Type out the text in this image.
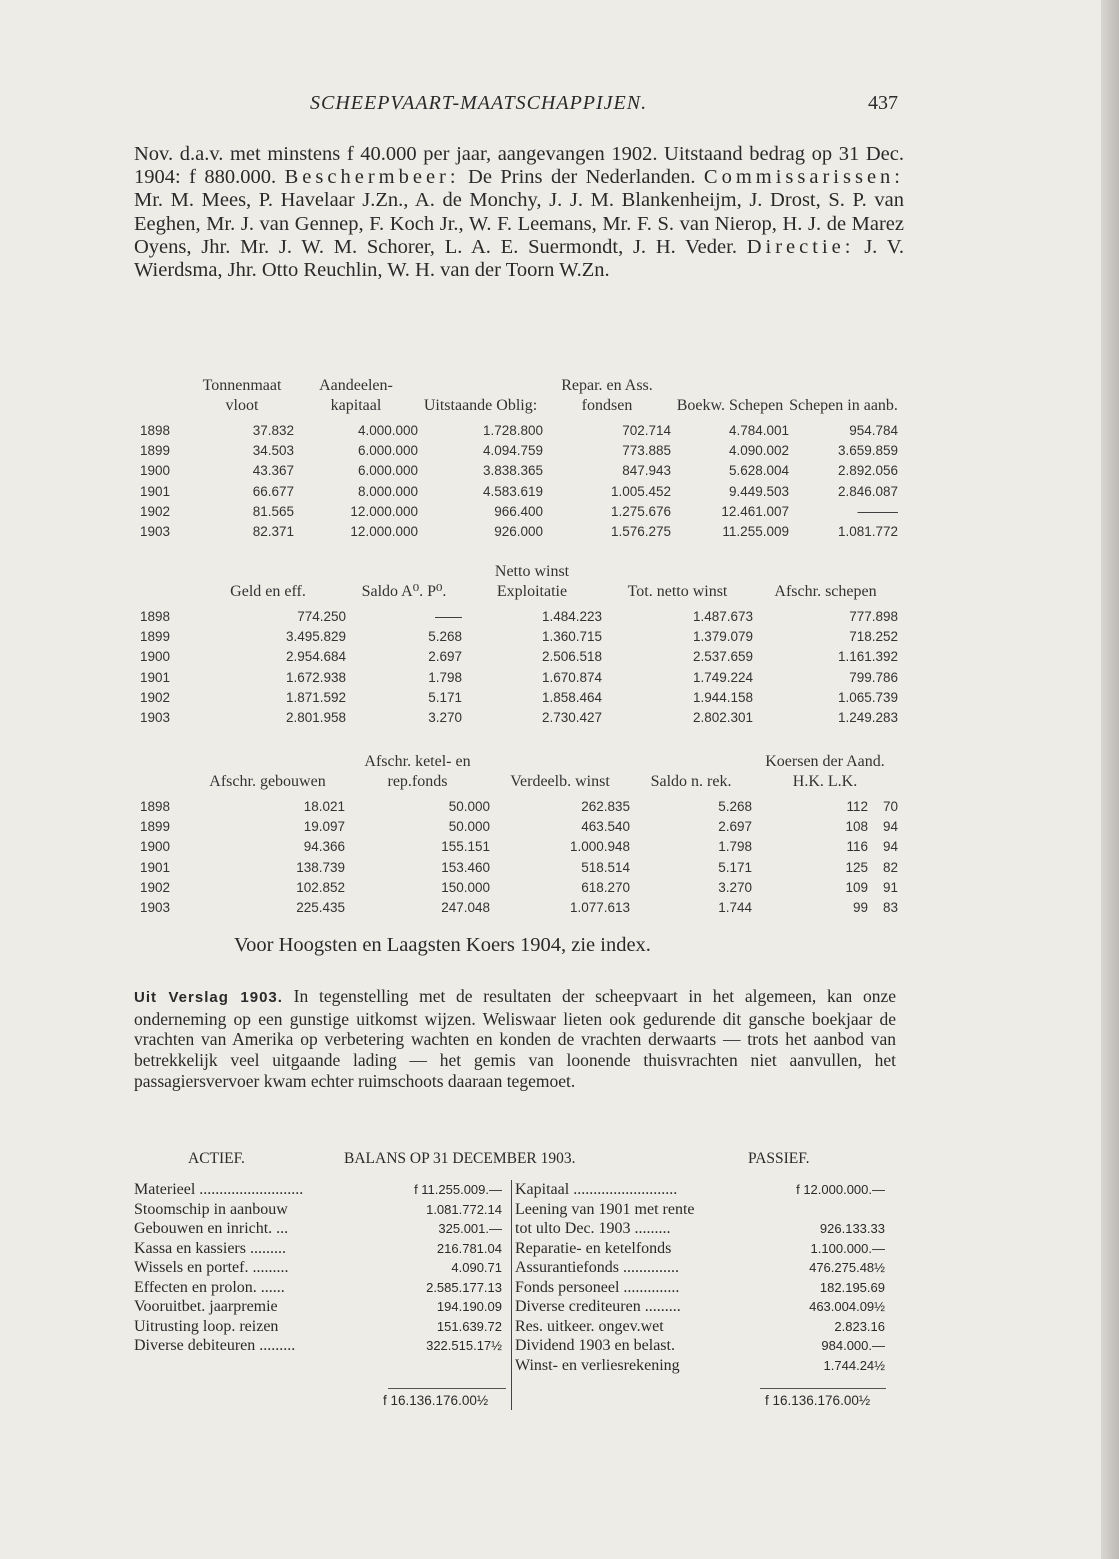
SCHEEPVAART-MAATSCHAPPIJEN.	437

Nov. d.a.v. met minstens f 40.000 per jaar, aangevangen 1902. Uitstaand bedrag op 31 Dec. 1904: f 880.000. Beschermbeer: De Prins der Nederlanden. Commissarissen: Mr. M. Mees, P. Havelaar J.Zn., A. de Monchy, J. J. M. Blankenheijm, J. Drost, S. P. van Eeghen, Mr. J. van Gennep, F. Koch Jr., W. F. Leemans, Mr. F. S. van Nierop, H. J. de Marez Oyens, Jhr. Mr. J. W. M. Schorer, L. A. E. Suermondt, J. H. Veder. Directie: J. V. Wierdsma, Jhr. Otto Reuchlin, W. H. van der Toorn W.Zn.

	Tonnenmaat vloot	Aandeelen- kapitaal	Uitstaande Oblig:	Repar. en Ass. fondsen	Boekw. Schepen	Schepen in aanb.
1898	37.832	4.000.000	1.728.800	702.714	4.784.001	954.784
1899	34.503	6.000.000	4.094.759	773.885	4.090.002	3.659.859
1900	43.367	6.000.000	3.838.365	847.943	5.628.004	2.892.056
1901	66.677	8.000.000	4.583.619	1.005.452	9.449.503	2.846.087
1902	81.565	12.000.000	966.400	1.275.676	12.461.007	———
1903	82.371	12.000.000	926.000	1.576.275	11.255.009	1.081.772
	Geld en eff.	Saldo A⁰. P⁰.	Netto winst Exploitatie	Tot. netto winst	Afschr. schepen
1898	774.250	——	1.484.223	1.487.673	777.898
1899	3.495.829	5.268	1.360.715	1.379.079	718.252
1900	2.954.684	2.697	2.506.518	2.537.659	1.161.392
1901	1.672.938	1.798	1.670.874	1.749.224	799.786
1902	1.871.592	5.171	1.858.464	1.944.158	1.065.739
1903	2.801.958	3.270	2.730.427	2.802.301	1.249.283
	Afschr. gebouwen	Afschr. ketel- en rep.fonds	Verdeelb. winst	Saldo n. rek.	Koersen der Aand. H.K. L.K.	
1898	18.021	50.000	262.835	5.268	112	70
1899	19.097	50.000	463.540	2.697	108	94
1900	94.366	155.151	1.000.948	1.798	116	94
1901	138.739	153.460	518.514	5.171	125	82
1902	102.852	150.000	618.270	3.270	109	91
1903	225.435	247.048	1.077.613	1.744	99	83
Voor Hoogsten en Laagsten Koers 1904, zie index.
Uit Verslag 1903. In tegenstelling met de resultaten der scheepvaart in het algemeen, kan onze onderneming op een gunstige uitkomst wijzen. Weliswaar lieten ook gedurende dit gansche boekjaar de vrachten van Amerika op verbetering wachten en konden de vrachten derwaarts — trots het aanbod van betrekkelijk veel uitgaande lading — het gemis van loonende thuisvrachten niet aanvullen, het passagiersvervoer kwam echter ruimschoots daaraan tegemoet.
ACTIEF.	BALANS OP 31 DECEMBER 1903.	PASSIEF.
Materieel ..........................	f 11.255.009.—
Stoomschip in aanbouw	1.081.772.14
Gebouwen en inricht. ...	325.001.—
Kassa en kassiers .........	216.781.04
Wissels en portef. .........	4.090.71
Effecten en prolon. ......	2.585.177.13
Vooruitbet. jaarpremie	194.190.09
Uitrusting loop. reizen	151.639.72
Diverse debiteuren .........	322.515.17½
Kapitaal ..........................	f 12.000.000.—
Leening van 1901 met rente
tot ulto Dec. 1903 .........	926.133.33
Reparatie- en ketelfonds	1.100.000.—
Assurantiefonds ..............	476.275.48½
Fonds personeel ..............	182.195.69
Diverse crediteuren .........	463.004.09½
Res. uitkeer. ongev.wet	2.823.16
Dividend 1903 en belast.	984.000.—
Winst- en verliesrekening	1.744.24½
f 16.136.176.00½	f 16.136.176.00½
